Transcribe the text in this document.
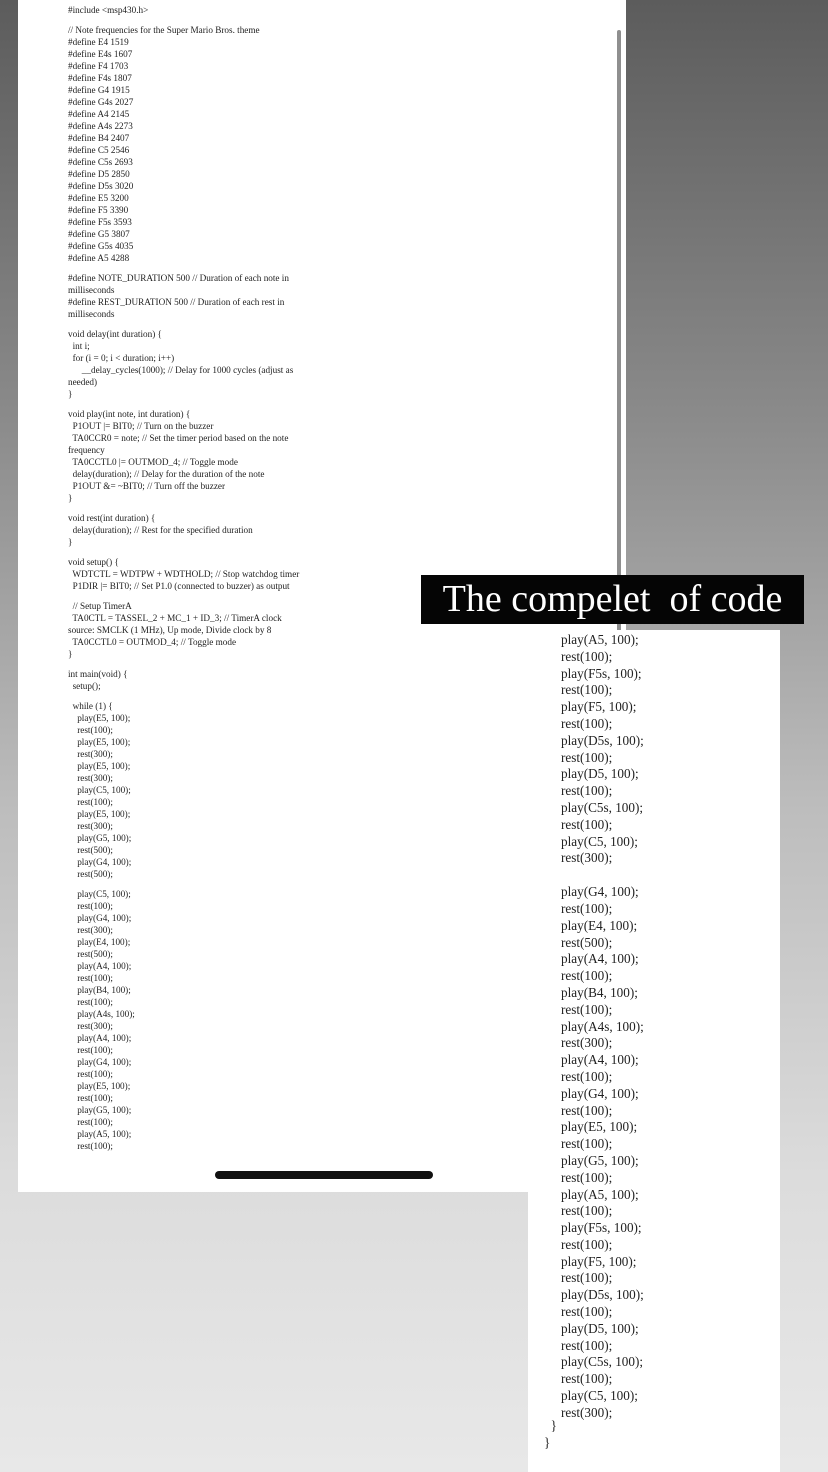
#include <msp430.h>
// Note frequencies for the Super Mario Bros. theme
#define E4 1519
#define E4s 1607
#define F4 1703
#define F4s 1807
#define G4 1915
#define G4s 2027
#define A4 2145
#define A4s 2273
#define B4 2407
#define C5 2546
#define C5s 2693
#define D5 2850
#define D5s 3020
#define E5 3200
#define F5 3390
#define F5s 3593
#define G5 3807
#define G5s 4035
#define A5 4288
#define NOTE_DURATION 500 // Duration of each note in
milliseconds
#define REST_DURATION 500 // Duration of each rest in
milliseconds
void delay(int duration) {
int i;
for (i = 0; i < duration; i++)
__delay_cycles(1000); // Delay for 1000 cycles (adjust as
needed)
}
void play(int note, int duration) {
P1OUT |= BIT0; // Turn on the buzzer
TA0CCR0 = note; // Set the timer period based on the note
frequency
TA0CCTL0 |= OUTMOD_4; // Toggle mode
delay(duration); // Delay for the duration of the note
P1OUT &= ~BIT0; // Turn off the buzzer
}
void rest(int duration) {
delay(duration); // Rest for the specified duration
}
void setup() {
WDTCTL = WDTPW + WDTHOLD; // Stop watchdog timer
P1DIR |= BIT0; // Set P1.0 (connected to buzzer) as output
// Setup TimerA
TA0CTL = TASSEL_2 + MC_1 + ID_3; // TimerA clock
source: SMCLK (1 MHz), Up mode, Divide clock by 8
TA0CCTL0 = OUTMOD_4; // Toggle mode
}
int main(void) {
setup();
while (1) {
play(E5, 100);
rest(100);
play(E5, 100);
rest(300);
play(E5, 100);
rest(300);
play(C5, 100);
rest(100);
play(E5, 100);
rest(300);
play(G5, 100);
rest(500);
play(G4, 100);
rest(500);
play(C5, 100);
rest(100);
play(G4, 100);
rest(300);
play(E4, 100);
rest(500);
play(A4, 100);
rest(100);
play(B4, 100);
rest(100);
play(A4s, 100);
rest(300);
play(A4, 100);
rest(100);
play(G4, 100);
rest(100);
play(E5, 100);
rest(100);
play(G5, 100);
rest(100);
play(A5, 100);
rest(100);
play(A5, 100);
rest(100);
play(F5s, 100);
rest(100);
play(F5, 100);
rest(100);
play(D5s, 100);
rest(100);
play(D5, 100);
rest(100);
play(C5s, 100);
rest(100);
play(C5, 100);
rest(300);
play(G4, 100);
rest(100);
play(E4, 100);
rest(500);
play(A4, 100);
rest(100);
play(B4, 100);
rest(100);
play(A4s, 100);
rest(300);
play(A4, 100);
rest(100);
play(G4, 100);
rest(100);
play(E5, 100);
rest(100);
play(G5, 100);
rest(100);
play(A5, 100);
rest(100);
play(F5s, 100);
rest(100);
play(F5, 100);
rest(100);
play(D5s, 100);
rest(100);
play(D5, 100);
rest(100);
play(C5s, 100);
rest(100);
play(C5, 100);
rest(300);
}
}
The compelet  of code
